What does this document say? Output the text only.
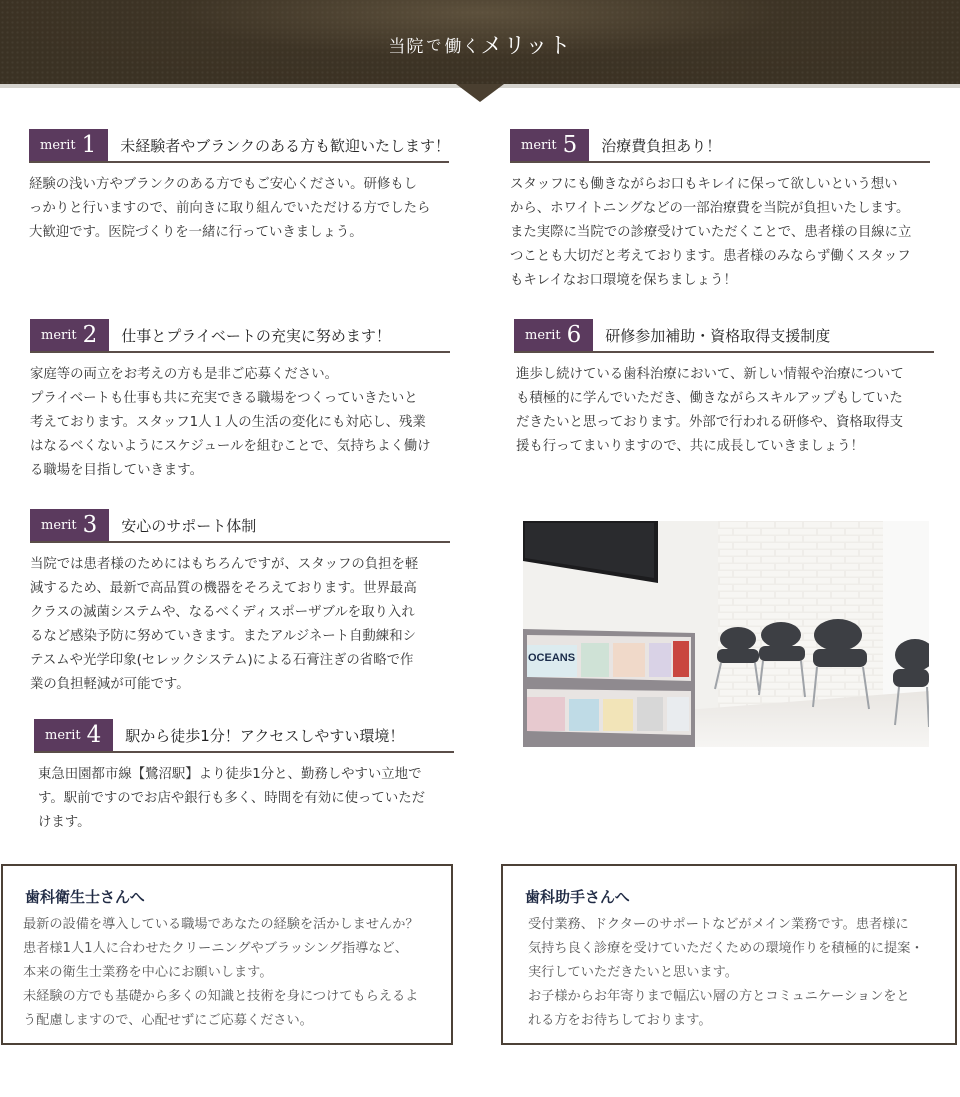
当院 で 働く メリット
merit 1	未経験者やブランクのある方も歓迎いたします！
経験の浅い方やブランクのある方でもご安心ください。研修もし
っかりと行いますので、前向きに取り組んでいただける方でしたら
大歓迎です。医院づくりを一緒に行っていきましょう。
merit 2	仕事とプライベートの充実に努めます！
家庭等の両立をお考えの方も是非ご応募ください。
プライベートも仕事も共に充実できる職場をつくっていきたいと
考えております。スタッフ1人１人の生活の変化にも対応し、残業
はなるべくないようにスケジュールを組むことで、気持ちよく働け
る職場を目指していきます。
merit 3	安心のサポート体制
当院では患者様のためにはもちろんですが、スタッフの負担を軽
減するため、最新で高品質の機器をそろえております。世界最高
クラスの滅菌システムや、なるべくディスポーザブルを取り入れ
るなど感染予防に努めていきます。またアルジネート自動練和シ
テスムや光学印象(セレックシステム)による石膏注ぎの省略で作
業の負担軽減が可能です。
merit 4	駅から徒歩1分！アクセスしやすい環境！
東急田園都市線【鷺沼駅】より徒歩1分と、勤務しやすい立地で
す。駅前ですのでお店や銀行も多く、時間を有効に使っていただ
けます。
merit 5	治療費負担あり！
スタッフにも働きながらお口もキレイに保って欲しいという想い
から、ホワイトニングなどの一部治療費を当院が負担いたします。
また実際に当院での診療受けていただくことで、患者様の目線に立
つことも大切だと考えております。患者様のみならず働くスタッフ
もキレイなお口環境を保ちましょう！
merit 6	研修参加補助・資格取得支援制度
進歩し続けている歯科治療において、新しい情報や治療について
も積極的に学んでいただき、働きながらスキルアップもしていた
だきたいと思っております。外部で行われる研修や、資格取得支
援も行ってまいりますので、共に成長していきましょう！
OCEANS
歯科衛生士さんへ
最新の設備を導入している職場であなたの経験を活かしませんか？
患者様1人1人に合わせたクリーニングやブラッシング指導など、
本来の衛生士業務を中心にお願いします。
未経験の方でも基礎から多くの知識と技術を身につけてもらえるよ
う配慮しますので、心配せずにご応募ください。
歯科助手さんへ
受付業務、ドクターのサポートなどがメイン業務です。患者様に
気持ち良く診療を受けていただくための環境作りを積極的に提案・
実行していただきたいと思います。
お子様からお年寄りまで幅広い層の方とコミュニケーションをと
れる方をお待ちしております。
